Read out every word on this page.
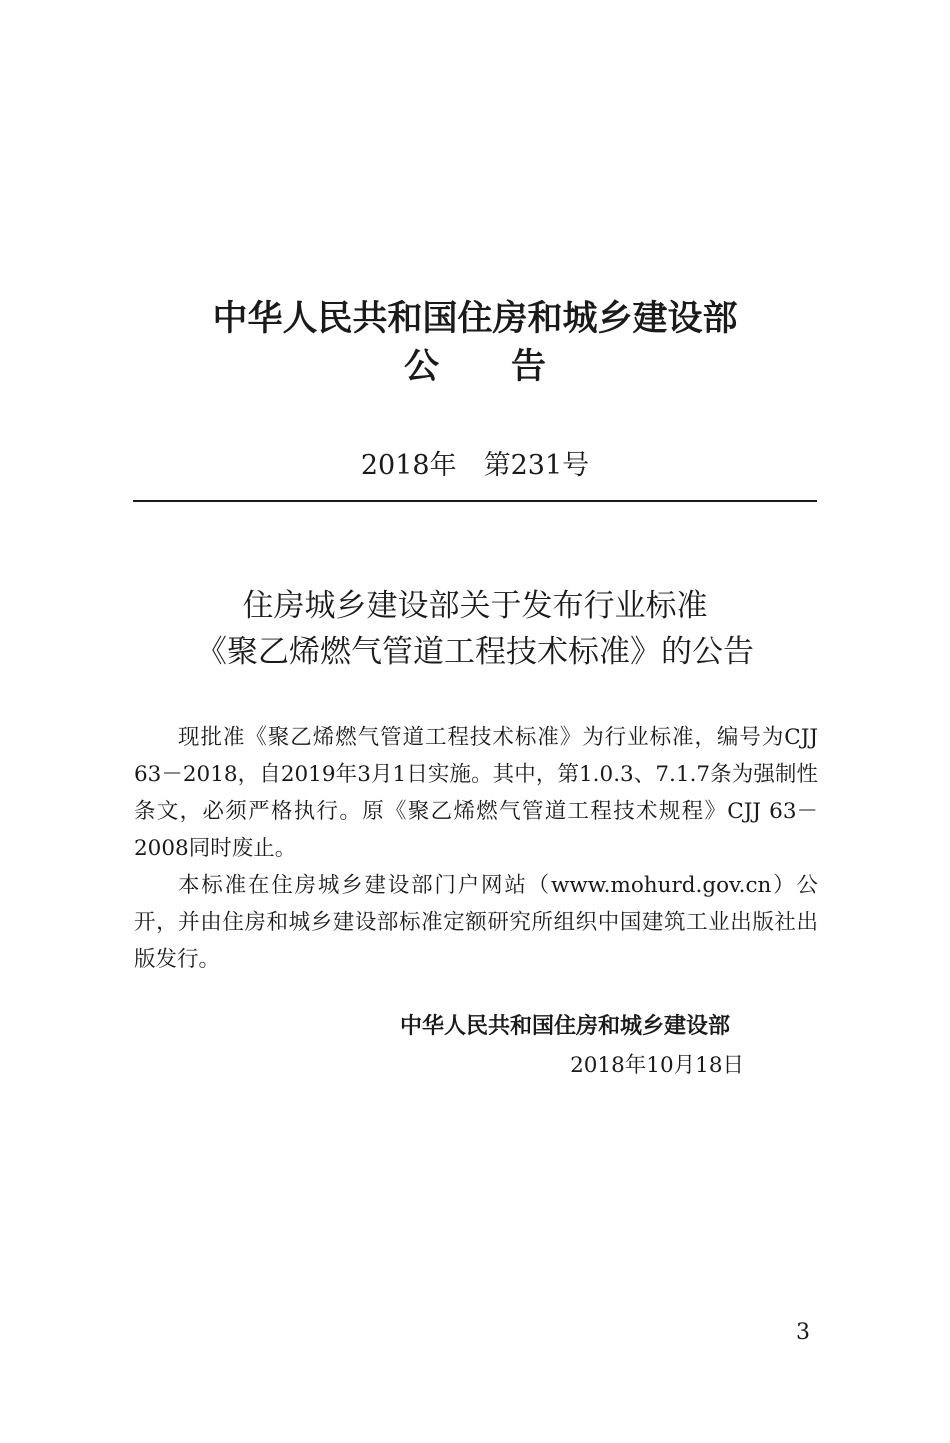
中华人民共和国住房和城乡建设部
公告
2018年　第231号
住房城乡建设部关于发布行业标准
《聚乙烯燃气管道工程技术标准》的公告
现批准《聚乙烯燃气管道工程技术标准》为行业标准，编号为CJJ 63－2018，自2019年3月1日实施。其中，第1.0.3、7.1.7条为强制性条文，必须严格执行。原《聚乙烯燃气管道工程技术规程》CJJ 63－2008同时废止。
本标准在住房城乡建设部门户网站（www.mohurd.gov.cn）公开，并由住房和城乡建设部标准定额研究所组织中国建筑工业出版社出版发行。
中华人民共和国住房和城乡建设部
2018年10月18日
3
